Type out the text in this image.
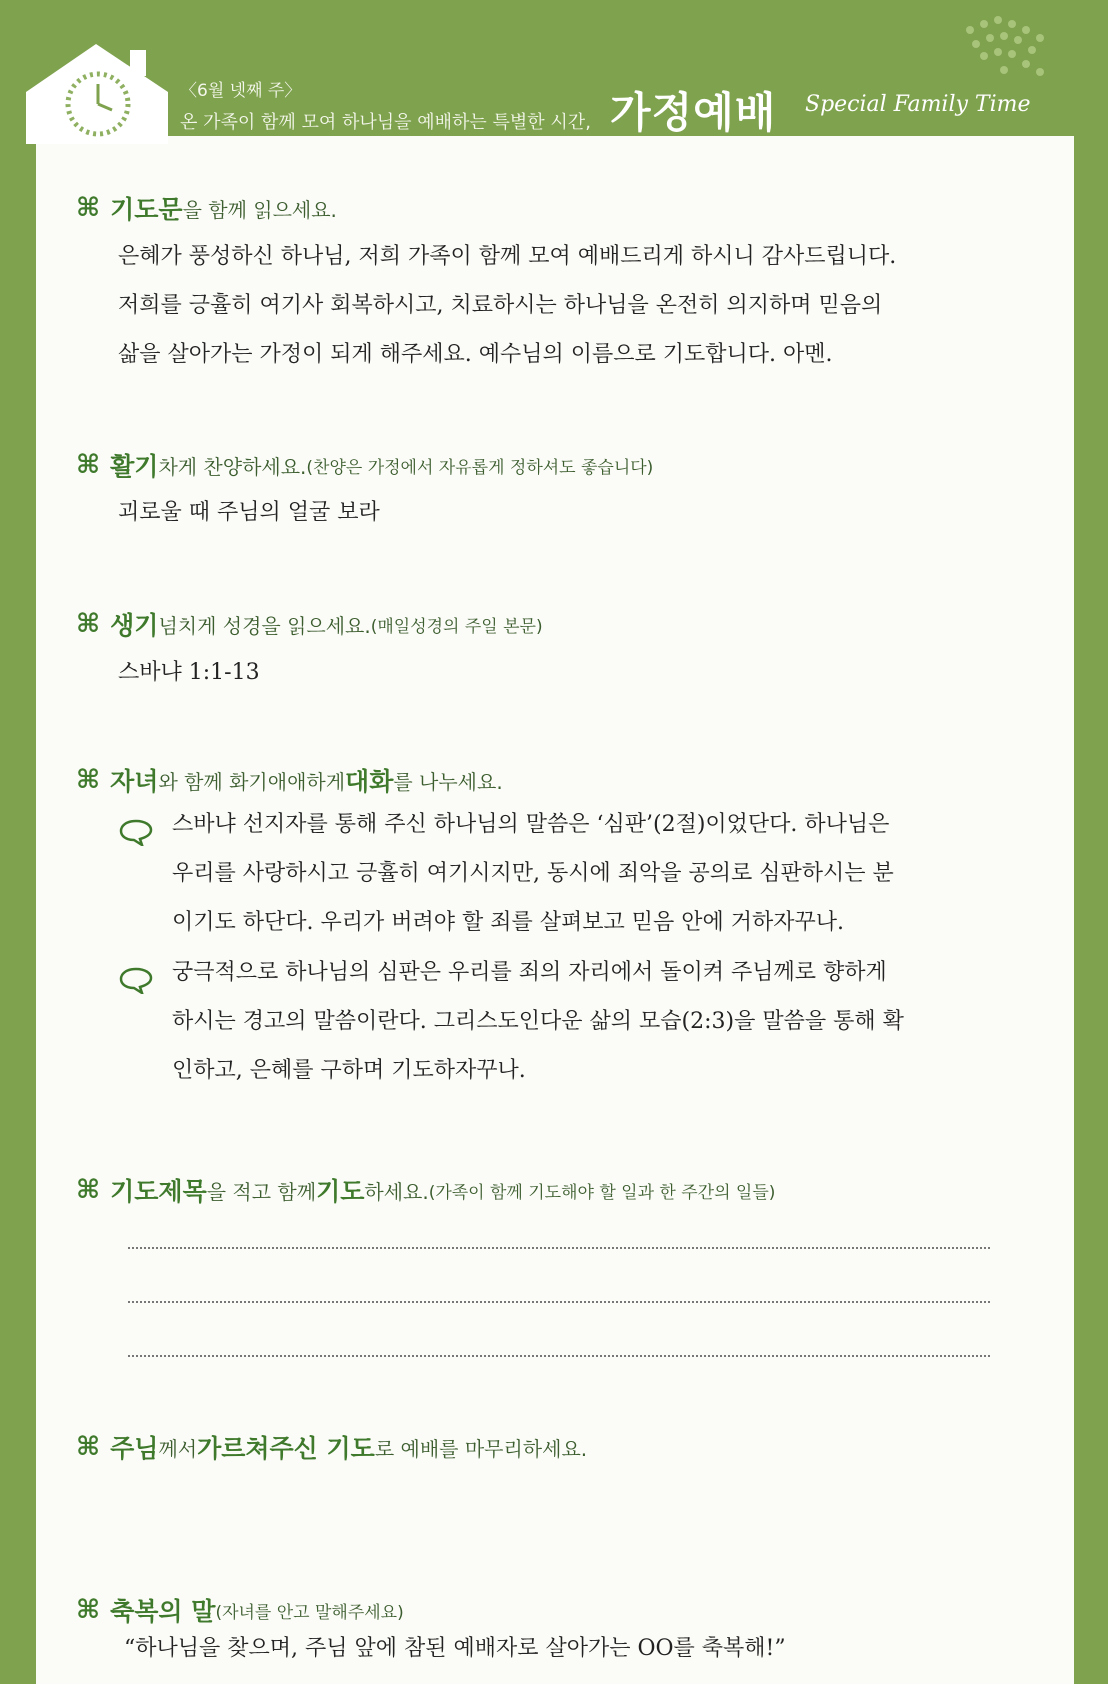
〈6월 넷째 주〉
온 가족이 함께 모여 하나님을 예배하는 특별한 시간, 가정예배 Special Family Time
⌘ 기도문 을 함께 읽으세요.
은혜가 풍성하신 하나님, 저희 가족이 함께 모여 예배드리게 하시니 감사드립니다.
저희를 긍휼히 여기사 회복하시고, 치료하시는 하나님을 온전히 의지하며 믿음의
삶을 살아가는 가정이 되게 해주세요. 예수님의 이름으로 기도합니다. 아멘.
⌘ 활기 차게 찬양하세요. (찬양은 가정에서 자유롭게 정하셔도 좋습니다)
괴로울 때 주님의 얼굴 보라
⌘ 생기 넘치게 성경을 읽으세요. (매일성경의 주일 본문)
스바냐 1:1-13
⌘ 자녀 와 함께 화기애애하게 대화 를 나누세요.
스바냐 선지자를 통해 주신 하나님의 말씀은 ‘심판’(2절)이었단다. 하나님은
우리를 사랑하시고 긍휼히 여기시지만, 동시에 죄악을 공의로 심판하시는 분
이기도 하단다. 우리가 버려야 할 죄를 살펴보고 믿음 안에 거하자꾸나.
궁극적으로 하나님의 심판은 우리를 죄의 자리에서 돌이켜 주님께로 향하게
하시는 경고의 말씀이란다. 그리스도인다운 삶의 모습(2:3)을 말씀을 통해 확
인하고, 은혜를 구하며 기도하자꾸나.
⌘ 기도제목 을 적고 함께 기도 하세요. (가족이 함께 기도해야 할 일과 한 주간의 일들)
⌘ 주님 께서 가르쳐주신 기도 로 예배를 마무리하세요.
⌘ 축복의 말 (자녀를 안고 말해주세요)
“하나님을 찾으며, 주님 앞에 참된 예배자로 살아가는 OO를 축복해!”
